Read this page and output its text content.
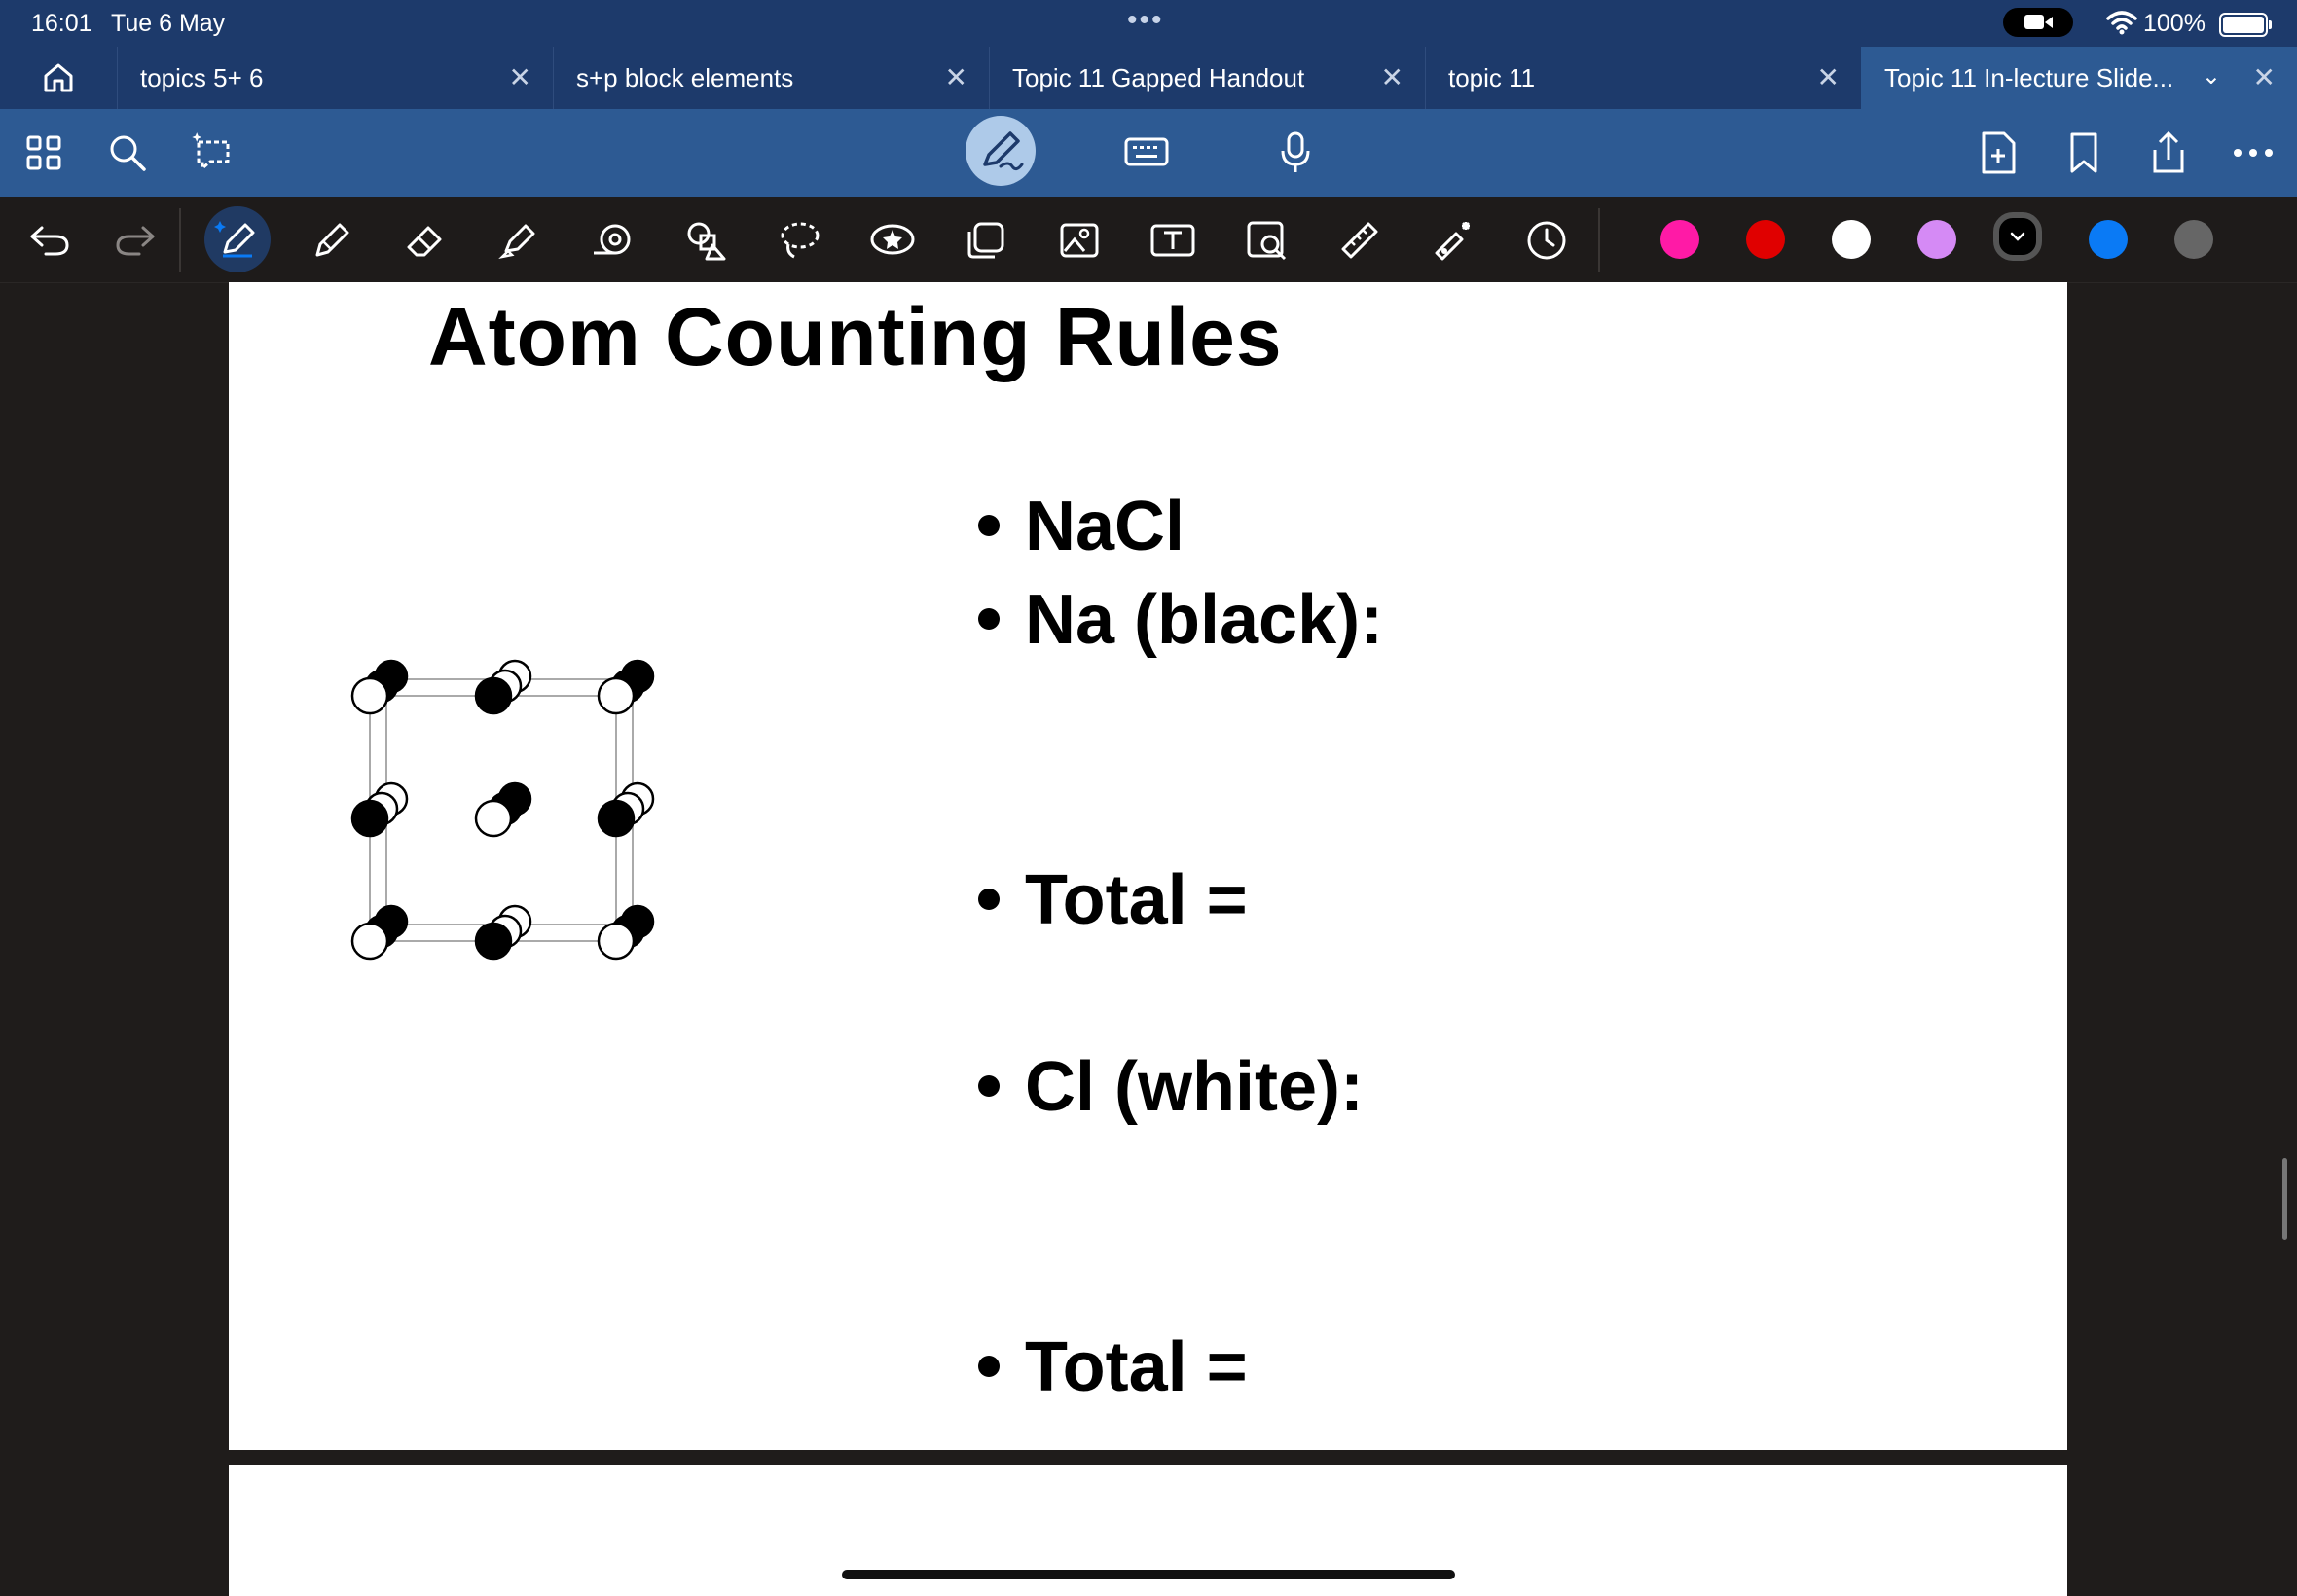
16:01 Tue 6 May	•••	100%
topics 5+ 6	✕ s+p block elements	✕ Topic 11 Gapped Handout	✕ topic 11	✕ Topic 11 In-lecture Slide... ⌄ ✕
Atom Counting Rules
NaCl
Na (black):
Total =
Cl (white):
Total =
